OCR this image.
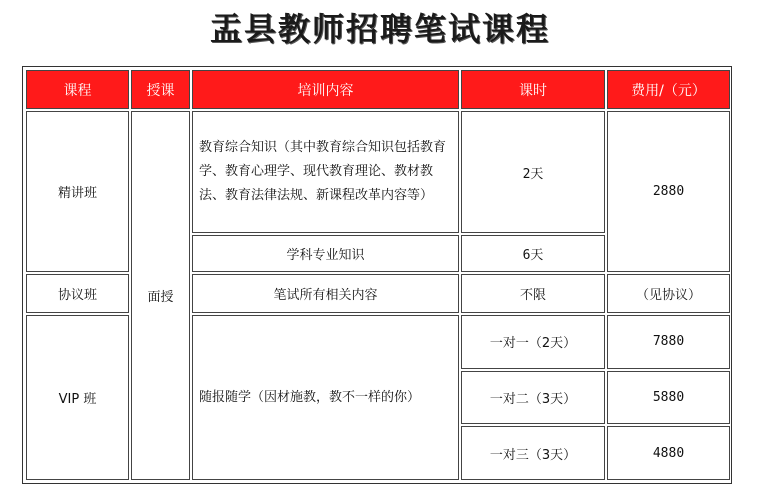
盂县教师招聘笔试课程
课程	授课	培训内容	课时	费用/（元）
精讲班	面授	教育综合知识（其中教育综合知识包括教育学、教育心理学、现代教育理论、教材教法、教育法律法规、新课程改革内容等）	2天	2880
		学科专业知识	6天	
协议班		笔试所有相关内容	不限	（见协议）
VIP 班		随报随学（因材施教，教不一样的你）	一对一（2天）	7880
			一对二（3天）	5880
			一对三（3天）	4880
